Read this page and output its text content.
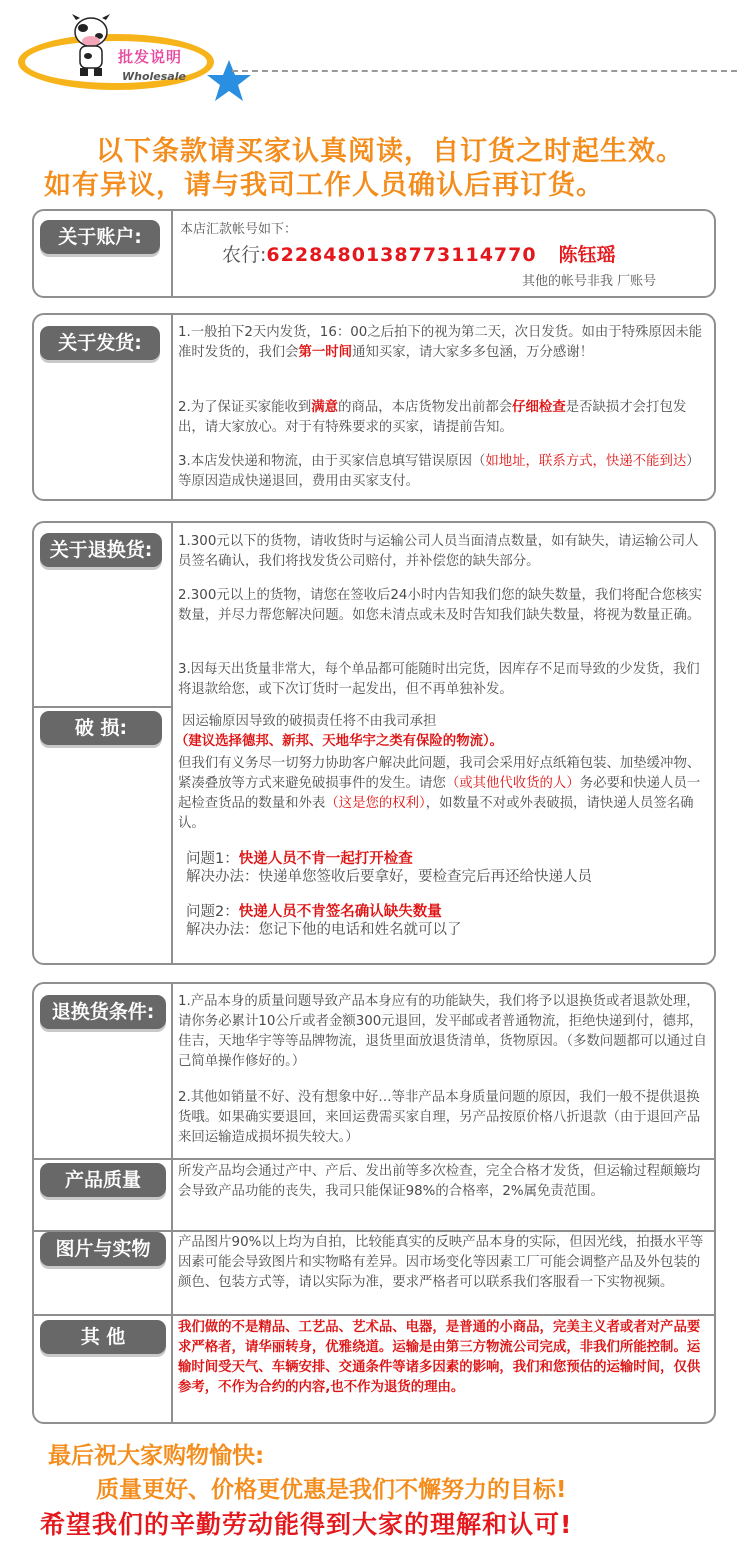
批发说明
Wholesale
以下条款请买家认真阅读，自订货之时起生效。
如有异议，请与我司工作人员确认后再订货。
关于账户:	本店汇款帐号如下：
农行:6228480138773114770 陈钰瑶
其他的帐号非我 厂账号
关于发货:	1.一般拍下2天内发货，16：00之后拍下的视为第二天，次日发货。如由于特殊原因未能准时发货的，我们会第一时间通知买家，请大家多多包涵，万分感谢！
2.为了保证买家能收到满意的商品，本店货物发出前都会仔细检查是否缺损才会打包发出，请大家放心。对于有特殊要求的买家，请提前告知。
3.本店发快递和物流，由于买家信息填写错误原因（如地址，联系方式，快递不能到达）等原因造成快递退回，费用由买家支付。
关于退换货:	1.300元以下的货物，请收货时与运输公司人员当面清点数量，如有缺失，请运输公司人员签名确认，我们将找发货公司赔付，并补偿您的缺失部分。
2.300元以上的货物，请您在签收后24小时内告知我们您的缺失数量，我们将配合您核实数量，并尽力帮您解决问题。如您未清点或未及时告知我们缺失数量，将视为数量正确。
3.因每天出货量非常大，每个单品都可能随时出完货，因库存不足而导致的少发货，我们将退款给您，或下次订货时一起发出，但不再单独补发。
破 损:	因运输原因导致的破损责任将不由我司承担
（建议选择德邦、新邦、天地华宇之类有保险的物流）。
但我们有义务尽一切努力协助客户解决此问题，我司会采用好点纸箱包装、加垫缓冲物、紧凑叠放等方式来避免破损事件的发生。请您（或其他代收货的人）务必要和快递人员一起检查货品的数量和外表（这是您的权利），如数量不对或外表破损，请快递人员签名确认。
问题1：快递人员不肯一起打开检查
解决办法：快递单您签收后要拿好，要检查完后再还给快递人员
问题2：快递人员不肯签名确认缺失数量
解决办法：您记下他的电话和姓名就可以了
退换货条件:	1.产品本身的质量问题导致产品本身应有的功能缺失，我们将予以退换货或者退款处理，请你务必累计10公斤或者金额300元退回，发平邮或者普通物流，拒绝快递到付，德邦，佳吉，天地华宇等等品牌物流，退货里面放退货清单，货物原因。（多数问题都可以通过自己简单操作修好的。）
2.其他如销量不好、没有想象中好…等非产品本身质量问题的原因，我们一般不提供退换货哦。如果确实要退回，来回运费需买家自理，另产品按原价格八折退款（由于退回产品来回运输造成损坏损失较大。）
产品质量	所发产品均会通过产中、产后、发出前等多次检查，完全合格才发货，但运输过程颠簸均会导致产品功能的丧失，我司只能保证98%的合格率，2%属免责范围。
图片与实物	产品图片90%以上均为自拍，比较能真实的反映产品本身的实际，但因光线，拍摄水平等因素可能会导致图片和实物略有差异。因市场变化等因素工厂可能会调整产品及外包装的颜色、包装方式等，请以实际为准，要求严格者可以联系我们客服看一下实物视频。
其 他	我们做的不是精品、工艺品、艺术品、电器，是普通的小商品，完美主义者或者对产品要求严格者，请华丽转身，优雅绕道。运输是由第三方物流公司完成，非我们所能控制。运输时间受天气、车辆安排、交通条件等诸多因素的影响，我们和您预估的运输时间，仅供参考，不作为合约的内容,也不作为退货的理由。
最后祝大家购物愉快:
质量更好、价格更优惠是我们不懈努力的目标!
希望我们的辛勤劳动能得到大家的理解和认可!
